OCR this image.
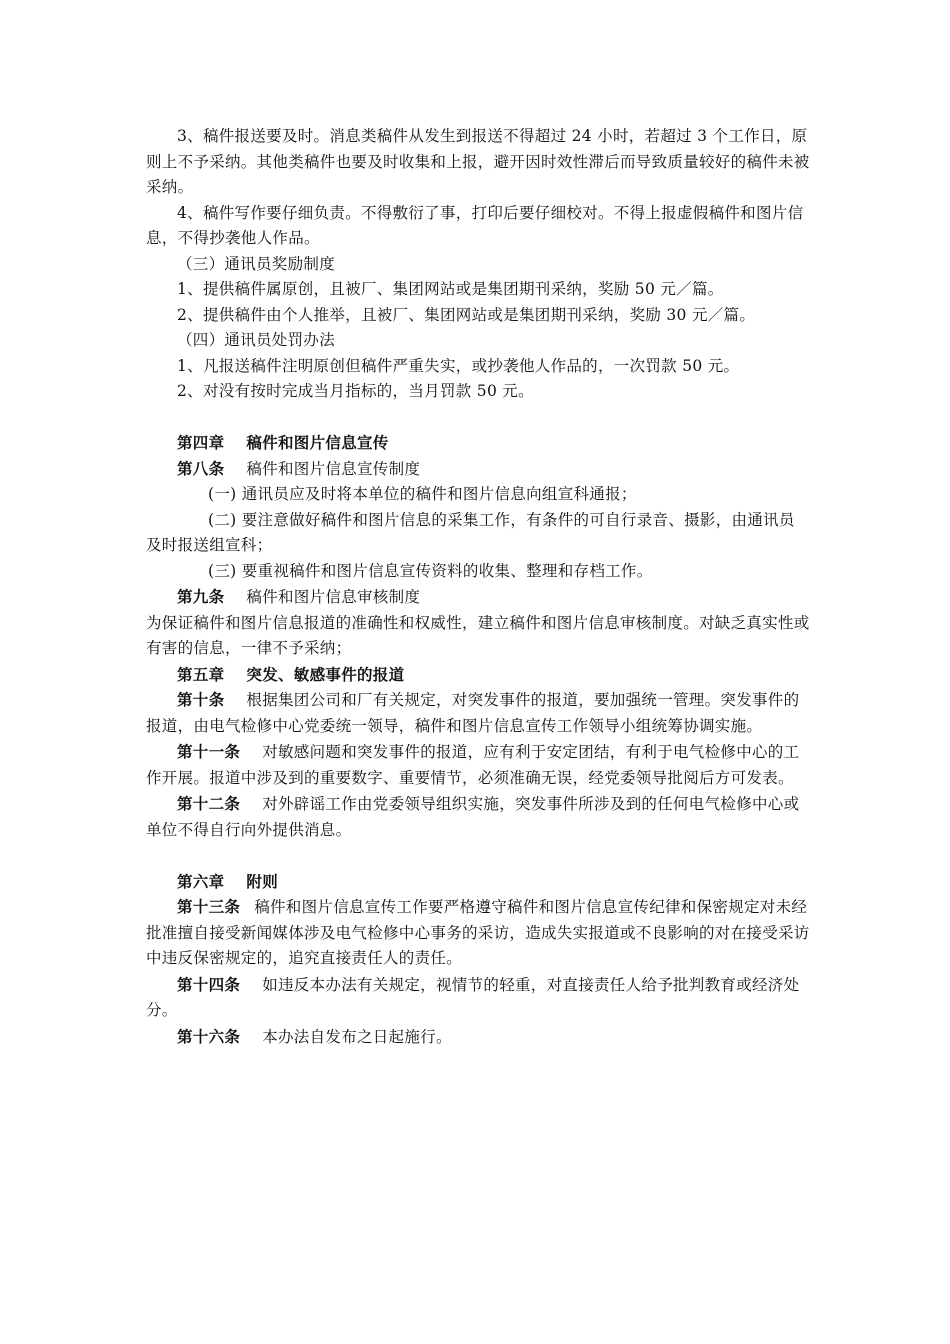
3、稿件报送要及时。消息类稿件从发生到报送不得超过 24 小时，若超过 3 个工作日，原则上不予采纳。其他类稿件也要及时收集和上报，避开因时效性滞后而导致质量较好的稿件未被采纳。

4、稿件写作要仔细负责。不得敷衍了事，打印后要仔细校对。不得上报虚假稿件和图片信息，不得抄袭他人作品。

（三）通讯员奖励制度

1、提供稿件属原创，且被厂、集团网站或是集团期刊采纳，奖励 50 元／篇。

2、提供稿件由个人推举，且被厂、集团网站或是集团期刊采纳，奖励 30 元／篇。

（四）通讯员处罚办法

1、凡报送稿件注明原创但稿件严重失实，或抄袭他人作品的，一次罚款 50 元。

2、对没有按时完成当月指标的，当月罚款 50 元。

第四章 稿件和图片信息宣传

第八条 稿件和图片信息宣传制度

(一) 通讯员应及时将本单位的稿件和图片信息向组宣科通报；

(二) 要注意做好稿件和图片信息的采集工作，有条件的可自行录音、摄影，由通讯员及时报送组宣科；

(三) 要重视稿件和图片信息宣传资料的收集、整理和存档工作。

第九条 稿件和图片信息审核制度

为保证稿件和图片信息报道的准确性和权威性，建立稿件和图片信息审核制度。对缺乏真实性或有害的信息，一律不予采纳；

第五章 突发、敏感事件的报道

第十条 根据集团公司和厂有关规定，对突发事件的报道，要加强统一管理。突发事件的报道，由电气检修中心党委统一领导，稿件和图片信息宣传工作领导小组统筹协调实施。

第十一条 对敏感问题和突发事件的报道，应有利于安定团结，有利于电气检修中心的工作开展。报道中涉及到的重要数字、重要情节，必须准确无误，经党委领导批阅后方可发表。

第十二条 对外辟谣工作由党委领导组织实施，突发事件所涉及到的任何电气检修中心或单位不得自行向外提供消息。

第六章 附则

第十三条 稿件和图片信息宣传工作要严格遵守稿件和图片信息宣传纪律和保密规定对未经批准擅自接受新闻媒体涉及电气检修中心事务的采访，造成失实报道或不良影响的对在接受采访中违反保密规定的，追究直接责任人的责任。

第十四条 如违反本办法有关规定，视情节的轻重，对直接责任人给予批判教育或经济处分。

第十六条 本办法自发布之日起施行。
